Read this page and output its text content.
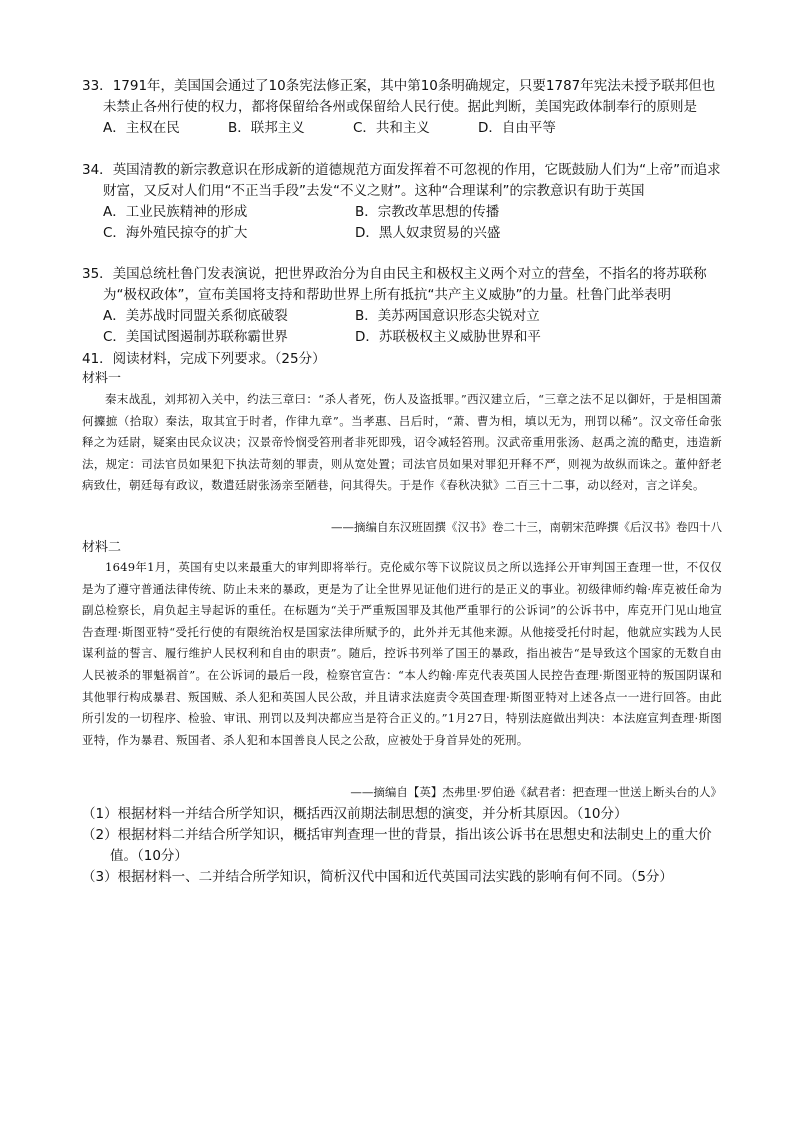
33．1791年，美国国会通过了10条宪法修正案，其中第10条明确规定，只要1787年宪法未授予联邦但也未禁止各州行使的权力，都将保留给各州或保留给人民行使。据此判断，美国宪政体制奉行的原则是
A．主权在民	B．联邦主义	C．共和主义	D．自由平等
34．英国清教的新宗教意识在形成新的道德规范方面发挥着不可忽视的作用，它既鼓励人们为“上帝”而追求财富，又反对人们用“不正当手段”去发“不义之财”。这种“合理谋利”的宗教意识有助于英国
A．工业民族精神的形成	B．宗教改革思想的传播
C．海外殖民掠夺的扩大	D．黑人奴隶贸易的兴盛
35．美国总统杜鲁门发表演说，把世界政治分为自由民主和极权主义两个对立的营垒，不指名的将苏联称为“极权政体”，宣布美国将支持和帮助世界上所有抵抗“共产主义威胁”的力量。杜鲁门此举表明
A．美苏战时同盟关系彻底破裂	B．美苏两国意识形态尖锐对立
C．美国试图遏制苏联称霸世界	D．苏联极权主义威胁世界和平
41．阅读材料，完成下列要求。（25分）
材料一
秦末战乱，刘邦初入关中，约法三章曰：“杀人者死，伤人及盗抵罪。”西汉建立后，“三章之法不足以御奸，于是相国萧何攈摭（拾取）秦法，取其宜于时者，作律九章”。当孝惠、吕后时，“萧、曹为相，填以无为，刑罚以稀”。汉文帝任命张释之为廷尉，疑案由民众议决；汉景帝怜悯受笞刑者非死即残，诏令减轻笞刑。汉武帝重用张汤、赵禹之流的酷吏，违造新法，规定：司法官员如果犯下执法苛刻的罪责，则从宽处置；司法官员如果对罪犯开释不严，则视为故纵而诛之。董仲舒老病致仕，朝廷每有政议，数遣廷尉张汤亲至陋巷，问其得失。于是作《春秋决狱》二百三十二事，动以经对，言之详矣。
——摘编自东汉班固撰《汉书》卷二十三，南朝宋范晔撰《后汉书》卷四十八
材料二
1649年1月，英国有史以来最重大的审判即将举行。克伦威尔等下议院议员之所以选择公开审判国王查理一世，不仅仅是为了遵守普通法律传统、防止未来的暴政，更是为了让全世界见证他们进行的是正义的事业。初级律师约翰·库克被任命为副总检察长，肩负起主导起诉的重任。在标题为“关于严重叛国罪及其他严重罪行的公诉词”的公诉书中，库克开门见山地宣告查理·斯图亚特“受托行使的有限统治权是国家法律所赋予的，此外并无其他来源。从他接受托付时起，他就应实践为人民谋利益的誓言、履行维护人民权利和自由的职责”。随后，控诉书列举了国王的暴政，指出被告“是导致这个国家的无数自由人民被杀的罪魁祸首”。在公诉词的最后一段，检察官宣告：“本人约翰·库克代表英国人民控告查理·斯图亚特的叛国阴谋和其他罪行构成暴君、叛国贼、杀人犯和英国人民公敌，并且请求法庭责令英国查理·斯图亚特对上述各点一一进行回答。由此所引发的一切程序、检验、审讯、刑罚以及判决都应当是符合正义的。”1月27日，特别法庭做出判决：本法庭宣判查理·斯图亚特，作为暴君、叛国者、杀人犯和本国善良人民之公敌，应被处于身首异处的死刑。
——摘编自【英】杰弗里·罗伯逊《弑君者：把查理一世送上断头台的人》
（1）根据材料一并结合所学知识，概括西汉前期法制思想的演变，并分析其原因。（10分）
（2）根据材料二并结合所学知识，概括审判查理一世的背景，指出该公诉书在思想史和法制史上的重大价值。（10分）
（3）根据材料一、二并结合所学知识，简析汉代中国和近代英国司法实践的影响有何不同。（5分）
